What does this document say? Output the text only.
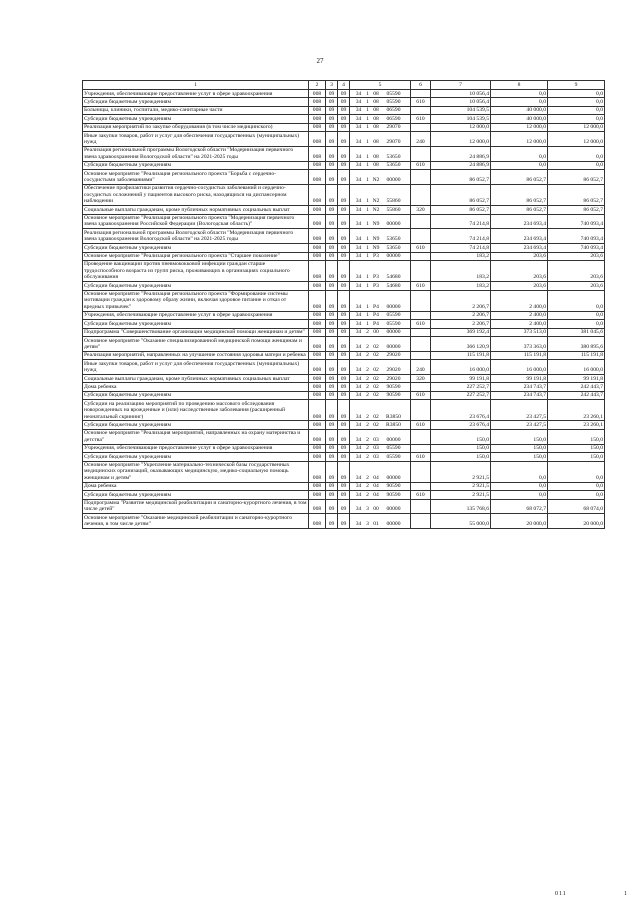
27
1	2	3	4	5	6	7	8	9
Учреждения, обеспечивающие предоставление услуг в сфере здравоохранения	008	09	09	34 1 08 05590		10 056,4	0,0	0,0
Субсидии бюджетным учреждениям	008	09	09	34 1 08 05590	610	10 056,4	0,0	0,0
Больницы, клиники, госпитали, медико-санитарные части	008	09	09	34 1 08 06590		104 539,5	40 000,0	0,0
Субсидии бюджетным учреждениям	008	09	09	34 1 08 06590	610	104 539,5	40 000,0	0,0
Реализация мероприятий по закупке оборудования (в том числе медицинского)	008	09	09	34 1 08 29070		12 000,0	12 000,0	12 000,0
Иные закупки товаров, работ и услуг для обеспечения государственных (муниципальных) нужд	008	09	09	34 1 08 29070	240	12 000,0	12 000,0	12 000,0
Реализация региональной программы Вологодской области "Модернизация первичного звена здравоохранения Вологодской области" на 2021-2025 годы	008	09	09	34 1 08 53650		24 886,9	0,0	0,0
Субсидии бюджетным учреждениям	008	09	09	34 1 08 53650	610	24 886,9	0,0	0,0
Основное мероприятие "Реализация регионального проекта "Борьба с сердечно-сосудистыми заболеваниями"	008	09	09	34 1 N2 00000		86 052,7	86 052,7	86 052,7
Обеспечение профилактики развития сердечно-сосудистых заболеваний и сердечно-сосудистых осложнений у пациентов высокого риска, находящихся на диспансерном наблюдении	008	09	09	34 1 N2 55860		86 052,7	86 052,7	86 052,7
Социальные выплаты гражданам, кроме публичных нормативных социальных выплат	008	09	09	34 1 N2 55860	320	86 052,7	86 052,7	86 052,7
Основное мероприятие "Реализация регионального проекта "Модернизация первичного звена здравоохранения Российской Федерации (Вологодская область)"	008	09	09	34 1 N9 00000		74 214,8	234 693,4	740 093,4
Реализация региональной программы Вологодской области "Модернизация первичного звена здравоохранения Вологодской области" на 2021-2025 годы	008	09	09	34 1 N9 53650		74 214,8	234 693,4	740 093,4
Субсидии бюджетным учреждениям	008	09	09	34 1 N9 53650	610	74 214,8	234 693,4	740 093,4
Основное мероприятие "Реализация регионального проекта "Старшее поколение"	008	09	09	34 1 P3 00000		183,2	203,6	203,6
Проведение вакцинации против пневмококковой инфекции граждан старше трудоспособного возраста из групп риска, проживающих в организациях социального обслуживания	008	09	09	34 1 P3 54680		183,2	203,6	203,6
Субсидии бюджетным учреждениям	008	09	09	34 1 P3 54680	610	183,2	203,6	203,6
Основное мероприятие "Реализация регионального проекта "Формирование системы мотивации граждан к здоровому образу жизни, включая здоровое питание и отказ от вредных привычек"	008	09	09	34 1 P4 00000		2 206,7	2 400,0	0,0
Учреждения, обеспечивающие предоставление услуг в сфере здравоохранения	008	09	09	34 1 P4 05590		2 206,7	2 400,0	0,0
Субсидии бюджетным учреждениям	008	09	09	34 1 P4 05590	610	2 206,7	2 400,0	0,0
Подпрограмма "Совершенствование организации медицинской помощи женщинам и детям"	008	09	09	34 2 00 00000		369 192,4	373 513,0	381 045,6
Основное мероприятие "Оказание специализированной медицинской помощи женщинам и детям"	008	09	09	34 2 02 00000		366 120,9	373 363,0	380 895,6
Реализация мероприятий, направленных на улучшение состояния здоровья матери и ребенка	008	09	09	34 2 02 29020		115 191,8	115 191,8	115 191,8
Иные закупки товаров, работ и услуг для обеспечения государственных (муниципальных) нужд	008	09	09	34 2 02 29020	240	16 000,0	16 000,0	16 000,0
Социальные выплаты гражданам, кроме публичных нормативных социальных выплат	008	09	09	34 2 02 29020	320	99 191,8	99 191,8	99 191,8
Дома ребенка	008	09	09	34 2 02 90590		227 252,7	234 743,7	242 443,7
Субсидии бюджетным учреждениям	008	09	09	34 2 02 90590	610	227 252,7	234 743,7	242 443,7
Субсидии на реализацию мероприятий по проведению массового обследования новорожденных на врожденные и (или) наследственные заболевания (расширенный неонатальный скрининг)	008	09	09	34 2 02 R3850		23 676,4	23 427,5	23 260,1
Субсидии бюджетным учреждениям	008	09	09	34 2 02 R3850	610	23 676,4	23 427,5	23 260,1
Основное мероприятие "Реализация мероприятий, направленных на охрану материнства и детства"	008	09	09	34 2 03 00000		150,0	150,0	150,0
Учреждения, обеспечивающие предоставление услуг в сфере здравоохранения	008	09	09	34 2 03 05590		150,0	150,0	150,0
Субсидии бюджетным учреждениям	008	09	09	34 2 03 05590	610	150,0	150,0	150,0
Основное мероприятие "Укрепление материально-технической базы государственных медицинских организаций, оказывающих медицинскую, медико-социальную помощь женщинам и детям"	008	09	09	34 2 04 00000		2 921,5	0,0	0,0
Дома ребенка	008	09	09	34 2 04 90590		2 921,5	0,0	0,0
Субсидии бюджетным учреждениям	008	09	09	34 2 04 90590	610	2 921,5	0,0	0,0
Подпрограмма "Развитие медицинской реабилитации и санаторно-курортного лечения, в том числе детей"	008	09	09	34 3 00 00000		135 768,6	68 072,7	68 074,0
Основное мероприятие "Оказание медицинской реабилитации и санаторно-курортного лечения, в том числе детям"	008	09	09	34 3 01 00000		55 000,0	20 000,0	20 000,0
011	1
